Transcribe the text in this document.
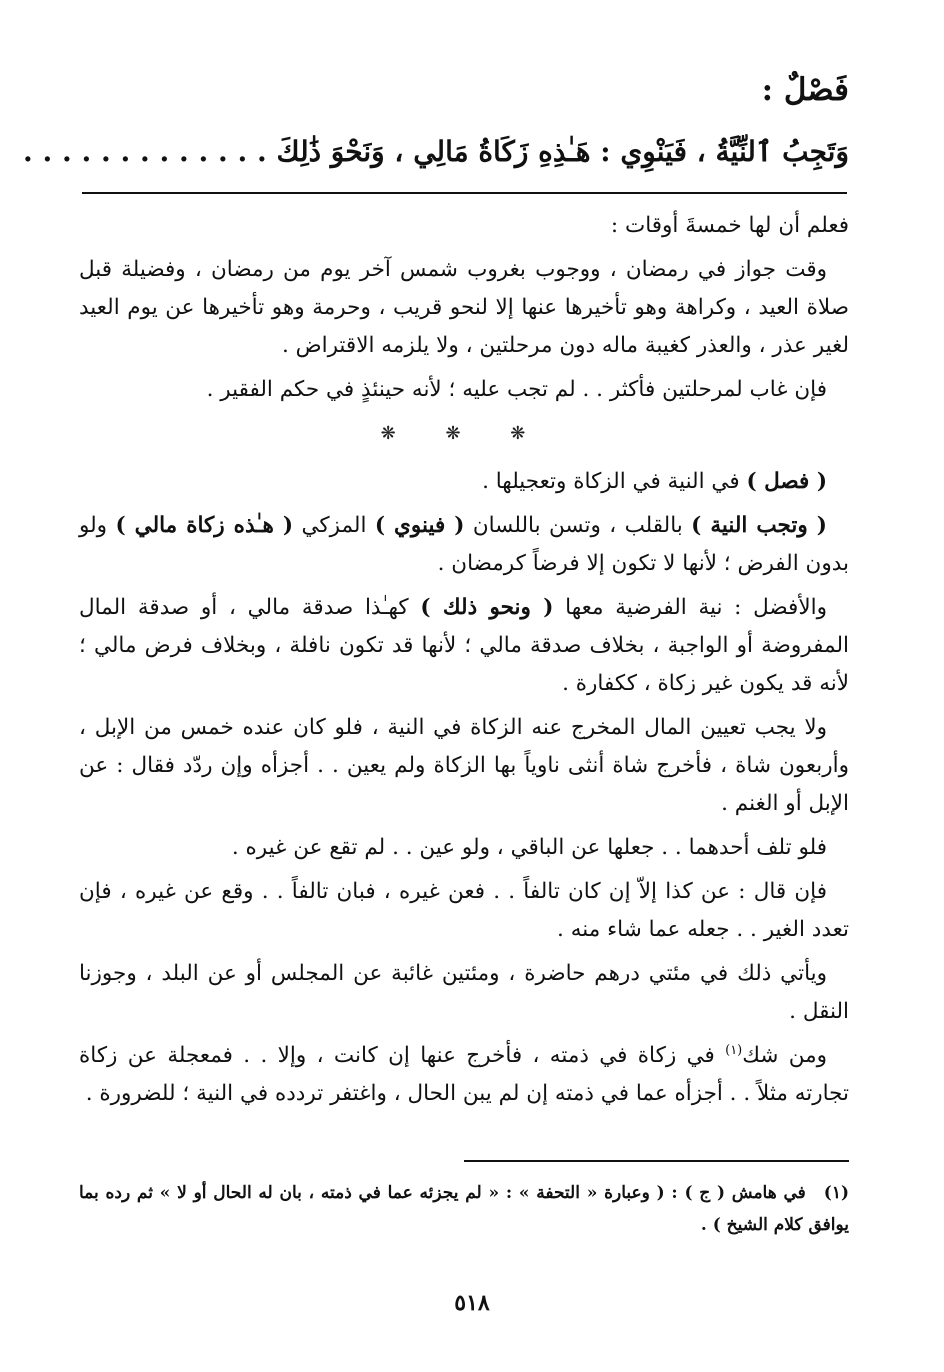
فَصْلٌ :
وَتَجِبُ ٱلنِّيَّةُ ، فَيَنْوِي : هَـٰذِهِ زَكَاةُ مَالِي ، وَنَحْوَ ذَٰلِكَ . . . . . . . . . . . . .

فعلم أن لها خمسةَ أوقات :

وقت جواز في رمضان ، ووجوب بغروب شمس آخر يوم من رمضان ، وفضيلة قبل صلاة العيد ، وكراهة وهو تأخيرها عنها إلا لنحو قريب ، وحرمة وهو تأخيرها عن يوم العيد لغير عذر ، والعذر كغيبة ماله دون مرحلتين ، ولا يلزمه الاقتراض .

فإن غاب لمرحلتين فأكثر . . لم تجب عليه ؛ لأنه حينئذٍ في حكم الفقير .

❋ ❋ ❋

( فصل ) في النية في الزكاة وتعجيلها .

( وتجب النية ) بالقلب ، وتسن باللسان ( فينوي ) المزكي ( هـٰذه زكاة مالي ) ولو بدون الفرض ؛ لأنها لا تكون إلا فرضاً كرمضان .

والأفضل : نية الفرضية معها ( ونحو ذلك ) كهـٰذا صدقة مالي ، أو صدقة المال المفروضة أو الواجبة ، بخلاف صدقة مالي ؛ لأنها قد تكون نافلة ، وبخلاف فرض مالي ؛ لأنه قد يكون غير زكاة ، ككفارة .

ولا يجب تعيين المال المخرج عنه الزكاة في النية ، فلو كان عنده خمس من الإبل ، وأربعون شاة ، فأخرج شاة أنثى ناوياً بها الزكاة ولم يعين . . أجزأه وإن ردّد فقال : عن الإبل أو الغنم .

فلو تلف أحدهما . . جعلها عن الباقي ، ولو عين . . لم تقع عن غيره .

فإن قال : عن كذا إلاّ إن كان تالفاً . . فعن غيره ، فبان تالفاً . . وقع عن غيره ، فإن تعدد الغير . . جعله عما شاء منه .

ويأتي ذلك في مئتي درهم حاضرة ، ومئتين غائبة عن المجلس أو عن البلد ، وجوزنا النقل .

ومن شك$^{(١)}$ في زكاة في ذمته ، فأخرج عنها إن كانت ، وإلا . . فمعجلة عن زكاة تجارته مثلاً . . أجزأه عما في ذمته إن لم يبن الحال ، واغتفر تردده في النية ؛ للضرورة .

(١)في هامش ( ج ) : ( وعبارة « التحفة » : « لم يجزئه عما في ذمته ، بان له الحال أو لا » ثم رده بما يوافق كلام الشيخ ) .
٥١٨
